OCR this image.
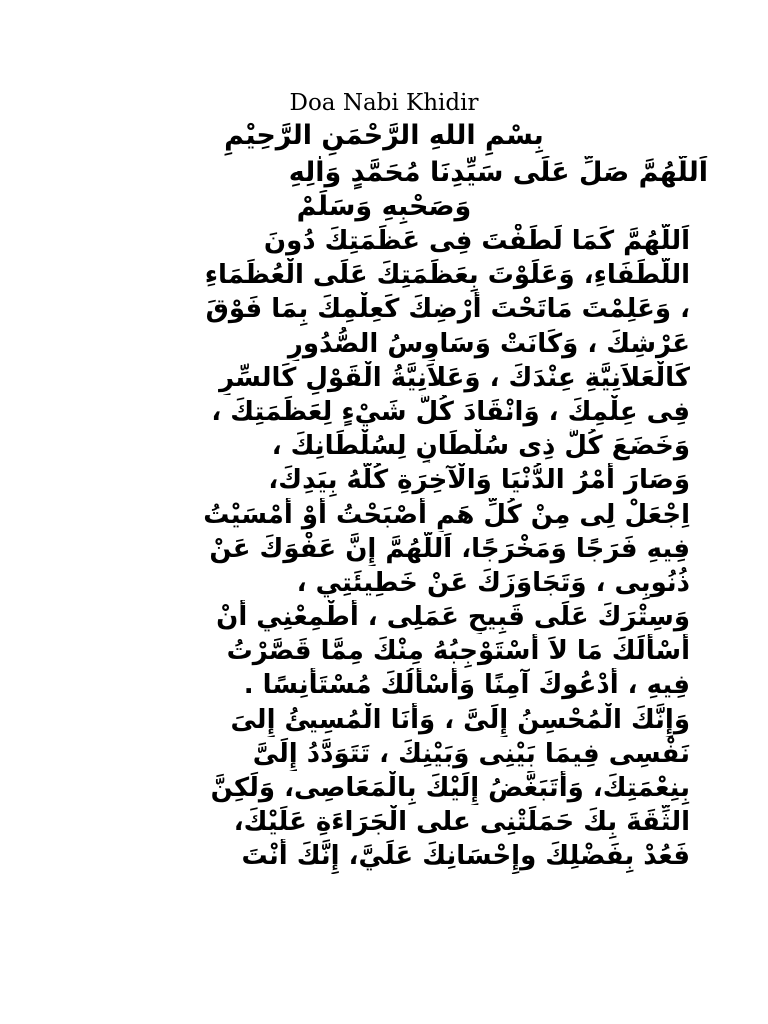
Doa Nabi Khidir

بِسْمِ اللهِ الرَّحْمَنِ الرَّحِيْمِ

اَللَّهُمَّ صَلِّ عَلَى سَيِّدِنَا مُحَمَّدٍ وَاٰلِهِ
وَصَحْبِهِ وَسَلِّمْ
اَللَّهُمَّ كَمَا لَطَفْتَ فِى عَظَمَتِكَ دُونَ
اللُّطَفَاءِ، وَعَلَوْتَ بِعَظَمَتِكَ عَلَى الْعُظَمَاءِ
، وَعَلِمْتَ مَاتَحْتَ أَرْضِكَ كَعِلْمِكَ بِمَا فَوْقَ
عَرْشِكَ ، وَكَانَتْ وَسَاوِسُ الصُّدُورِ
كَالْعَلاَنِيَّةِ عِنْدَكَ ، وَعَلاَنِيَّةُ الْقَوْلِ كَالسِّرِ
فِى عِلْمِكَ ، وَانْقَادَ كُلُّ شَيْءٍ لِعَظَمَتِكَ ،
وَخَضَعَ كُلُّ ذِى سُلْطَانٍ لِسُلْطَانِكَ ،
وَصَارَ أَمْرُ الدُّنْيَا وَالْآخِرَةِ كُلُّهُ بِيَدِكَ،
اِجْعَلْ لِى مِنْ كُلِّ هَمٍ أَصْبَحْتُ أَوْ أَمْسَيْتُ
فِيهِ فَرَجًا وَمَخْرَجًا، اَللَّهُمَّ إِنَّ عَفْوَكَ عَنْ
ذُنُوبِى ، وَتَجَاوَزَكَ عَنْ خَطِيئَتِي ،
وَسِتْرَكَ عَلَى قَبِيحِ عَمَلِى ، أَطْمِعْنِي أَنْ
أَسْأَلَكَ مَا لاَ أَسْتَوْجِبُهُ مِنْكَ مِمَّا قَصَّرْتُ
فِيهِ ، أَدْعُوكَ آمِنًا وَأَسْأَلُكَ مُسْتَأْنِسًا .
وَإِنَّكَ الْمُحْسِنُ إِلَىَّ ، وَأَنَا الْمُسِيئُ إِلىَ
نَفْسِى فِيمَا بَيْنِى وَبَيْنِكَ ، تَتَوَدَّدُ إِلَىَّ
بِنِعْمَتِكَ، وَأَتَبَغَّضُ إِلَيْكَ بِالْمَعَاصِى، وَلَكِنَّ
الثِّقَةَ بِكَ حَمَلَتْنِى على الْجَرَاءَةِ عَلَيْكَ،
فَعُدْ بِفَضْلِكَ وإِحْسَانِكَ عَلَيَّ، إِنَّكَ أَنْتَ
